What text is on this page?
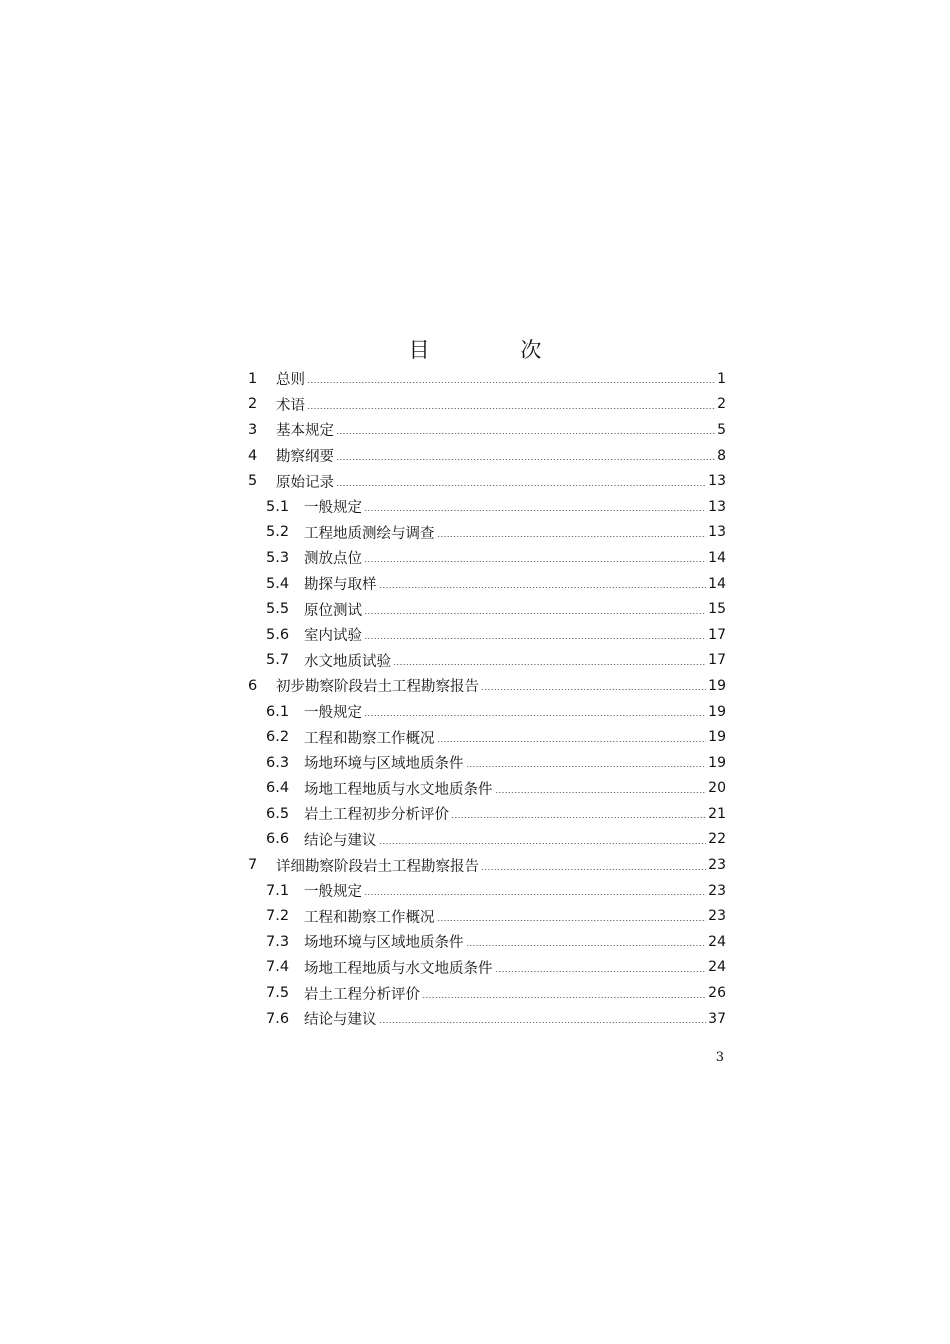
目 次
1	总则	1
2	术语	2
3	基本规定	5
4	勘察纲要	8
5	原始记录	13
5.1	一般规定	13
5.2	工程地质测绘与调查	13
5.3	测放点位	14
5.4	勘探与取样	14
5.5	原位测试	15
5.6	室内试验	17
5.7	水文地质试验	17
6	初步勘察阶段岩土工程勘察报告	19
6.1	一般规定	19
6.2	工程和勘察工作概况	19
6.3	场地环境与区域地质条件	19
6.4	场地工程地质与水文地质条件	20
6.5	岩土工程初步分析评价	21
6.6	结论与建议	22
7	详细勘察阶段岩土工程勘察报告	23
7.1	一般规定	23
7.2	工程和勘察工作概况	23
7.3	场地环境与区域地质条件	24
7.4	场地工程地质与水文地质条件	24
7.5	岩土工程分析评价	26
7.6	结论与建议	37
3
